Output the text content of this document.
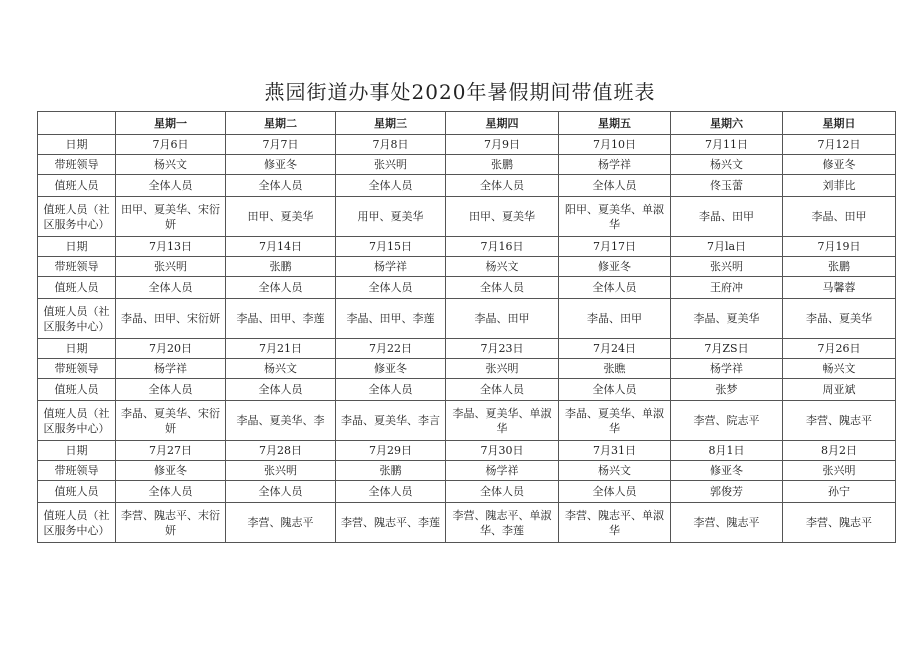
燕园街道办事处2020年暑假期间带值班表
	星期一	星期二	星期三	星期四	星期五	星期六	星期日
日期	7月6日	7月7日	7月8日	7月9日	7月10日	7月11日	7月12日
带班领导	杨兴文	修亚冬	张兴明	张鹏	杨学祥	杨兴文	修亚冬
值班人员	全体人员	全体人员	全体人员	全体人员	全体人员	佟玉蕾	刘菲比
值班人员（社区服务中心）	田甲、夏美华、宋衍妍	田甲、夏美华	用甲、夏美华	田甲、夏美华	阳甲、夏美华、单淑华	李晶、田甲	李晶、田甲
日期	7月13日	7月14日	7月15日	7月16日	7月17日	7月la日	7月19日
带班领导	张兴明	张鹏	杨学祥	杨兴文	修亚冬	张兴明	张鹏
值班人员	全体人员	全体人员	全体人员	全体人员	全体人员	王府冲	马馨蓉
值班人员（社区服务中心）	李晶、田甲、宋衍妍	李晶、田甲、李莲	李晶、田甲、李莲	李晶、田甲	李晶、田甲	李晶、夏美华	李晶、夏美华
日期	7月20日	7月21日	7月22日	7月23日	7月24日	7月ZS日	7月26日
带班领导	杨学祥	杨兴文	修亚冬	张兴明	张瞧	杨学祥	畅兴文
值班人员	全体人员	全体人员	全体人员	全体人员	全体人员	张梦	周亚斌
值班人员（社区服务中心）	李晶、夏美华、宋衍妍	李晶、夏美华、李	李晶、夏美华、李言	李晶、夏美华、单淑华	李晶、夏美华、单淑华	李营、院志平	李营、隗志平
日期	7月27日	7月28日	7月29日	7月30日	7月31日	8月1日	8月2日
带班领导	修亚冬	张兴明	张鹏	杨学祥	杨兴文	修亚冬	张兴明
值班人员	全体人员	全体人员	全体人员	全体人员	全体人员	郭俊芳	孙宁
值班人员（社区服务中心）	李营、隗志平、末衍妍	李营、隗志平	李营、隗志平、李莲	李营、隗志平、单淑华、李莲	李营、隗志平、单淑华	李营、隗志平	李营、隗志平
